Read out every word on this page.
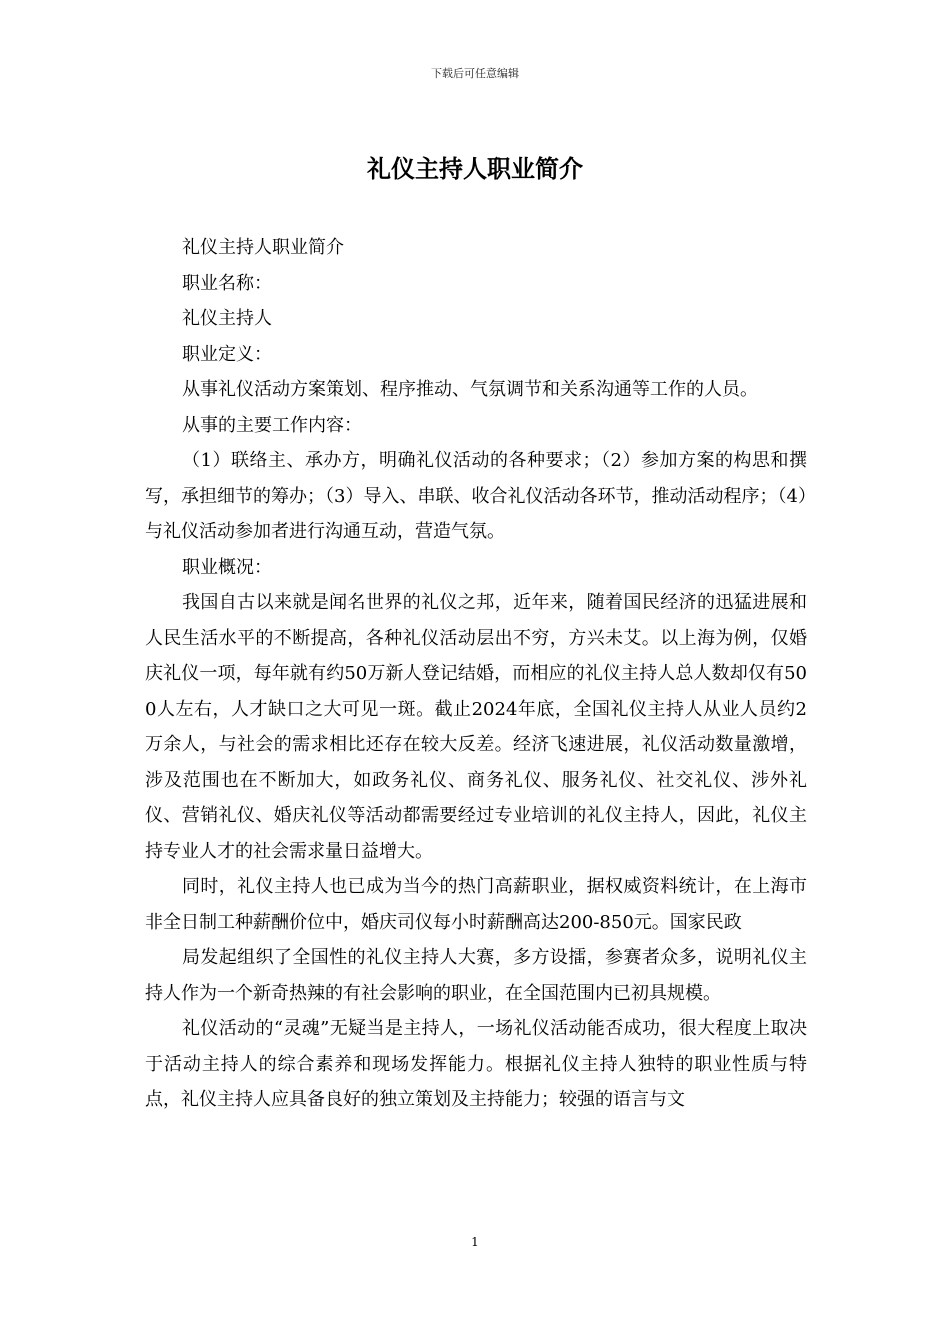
下载后可任意编辑
礼仪主持人职业简介

礼仪主持人职业简介

职业名称：

礼仪主持人

职业定义：

从事礼仪活动方案策划、程序推动、气氛调节和关系沟通等工作的人员。

从事的主要工作内容：

（1）联络主、承办方，明确礼仪活动的各种要求；（2）参加方案的构思和撰写，承担细节的筹办；（3）导入、串联、收合礼仪活动各环节，推动活动程序；（4）与礼仪活动参加者进行沟通互动，营造气氛。

职业概况：

我国自古以来就是闻名世界的礼仪之邦，近年来，随着国民经济的迅猛进展和人民生活水平的不断提高，各种礼仪活动层出不穷，方兴未艾。以上海为例，仅婚庆礼仪一项，每年就有约50万新人登记结婚，而相应的礼仪主持人总人数却仅有500人左右，人才缺口之大可见一斑。截止2024年底，全国礼仪主持人从业人员约2万余人，与社会的需求相比还存在较大反差。经济飞速进展，礼仪活动数量激增，涉及范围也在不断加大，如政务礼仪、商务礼仪、服务礼仪、社交礼仪、涉外礼仪、营销礼仪、婚庆礼仪等活动都需要经过专业培训的礼仪主持人，因此，礼仪主持专业人才的社会需求量日益增大。

同时，礼仪主持人也已成为当今的热门高薪职业，据权威资料统计，在上海市非全日制工种薪酬价位中，婚庆司仪每小时薪酬高达200-850元。国家民政

局发起组织了全国性的礼仪主持人大赛，多方设擂，参赛者众多，说明礼仪主持人作为一个新奇热辣的有社会影响的职业，在全国范围内已初具规模。

礼仪活动的“灵魂”无疑当是主持人，一场礼仪活动能否成功，很大程度上取决于活动主持人的综合素养和现场发挥能力。根据礼仪主持人独特的职业性质与特点，礼仪主持人应具备良好的独立策划及主持能力；较强的语言与文

1
